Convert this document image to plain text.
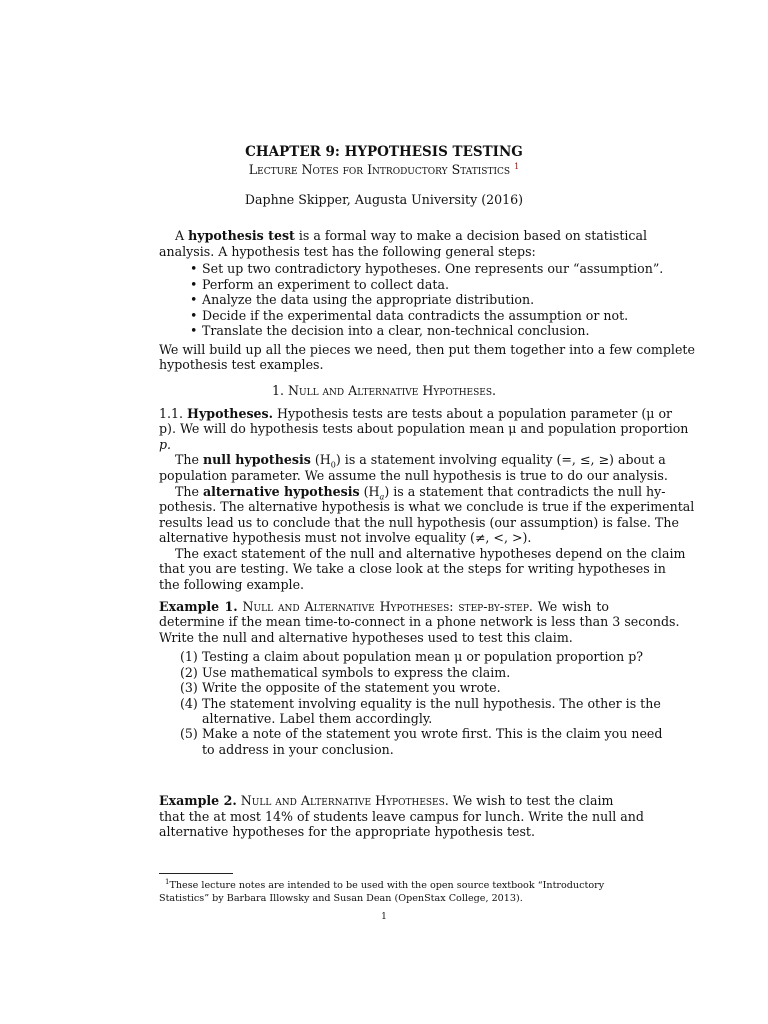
CHAPTER 9: HYPOTHESIS TESTING
Lecture Notes for Introductory Statistics $^1$
Daphne Skipper, Augusta University (2016)
A hypothesis test is a formal way to make a decision based on statistical
analysis. A hypothesis test has the following general steps:
• Set up two contradictory hypotheses. One represents our “assumption”.
• Perform an experiment to collect data.
• Analyze the data using the appropriate distribution.
• Decide if the experimental data contradicts the assumption or not.
• Translate the decision into a clear, non-technical conclusion.
We will build up all the pieces we need, then put them together into a few complete
hypothesis test examples.
1. Null and Alternative Hypotheses.
1.1. Hypotheses. Hypothesis tests are tests about a population parameter (μ or
p). We will do hypothesis tests about population mean μ and population proportion
p.
The null hypothesis $(H_0)$ is a statement involving equality (=, ≤, ≥) about a
population parameter. We assume the null hypothesis is true to do our analysis.
The alternative hypothesis $(H_a)$ is a statement that contradicts the null hy-
pothesis. The alternative hypothesis is what we conclude is true if the experimental
results lead us to conclude that the null hypothesis (our assumption) is false. The
alternative hypothesis must not involve equality (≠, <, >).
The exact statement of the null and alternative hypotheses depend on the claim
that you are testing. We take a close look at the steps for writing hypotheses in
the following example.
Example 1. Null and Alternative Hypotheses: step-by-step. We wish to
determine if the mean time-to-connect in a phone network is less than 3 seconds.
Write the null and alternative hypotheses used to test this claim.
(1) Testing a claim about population mean μ or population proportion p?
(2) Use mathematical symbols to express the claim.
(3) Write the opposite of the statement you wrote.
(4) The statement involving equality is the null hypothesis. The other is the
alternative. Label them accordingly.
(5) Make a note of the statement you wrote first. This is the claim you need
to address in your conclusion.
Example 2. Null and Alternative Hypotheses. We wish to test the claim
that the at most 14% of students leave campus for lunch. Write the null and
alternative hypotheses for the appropriate hypothesis test.
$^1$These lecture notes are intended to be used with the open source textbook “Introductory
Statistics” by Barbara Illowsky and Susan Dean (OpenStax College, 2013).
1
